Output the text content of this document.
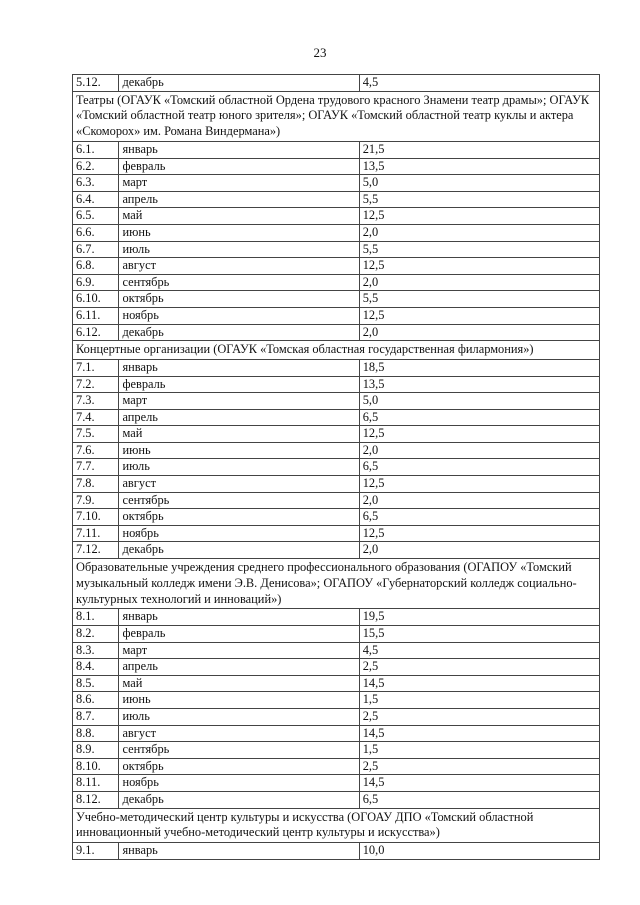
23
5.12.	декабрь	4,5
Театры (ОГАУК «Томский областной Ордена трудового красного Знамени театр драмы»; ОГАУК «Томский областной театр юного зрителя»; ОГАУК «Томский областной театр куклы и актера «Скоморох» им. Романа Виндермана»)		
6.1.	январь	21,5
6.2.	февраль	13,5
6.3.	март	5,0
6.4.	апрель	5,5
6.5.	май	12,5
6.6.	июнь	2,0
6.7.	июль	5,5
6.8.	август	12,5
6.9.	сентябрь	2,0
6.10.	октябрь	5,5
6.11.	ноябрь	12,5
6.12.	декабрь	2,0
Концертные организации (ОГАУК «Томская областная государственная филармония»)		
7.1.	январь	18,5
7.2.	февраль	13,5
7.3.	март	5,0
7.4.	апрель	6,5
7.5.	май	12,5
7.6.	июнь	2,0
7.7.	июль	6,5
7.8.	август	12,5
7.9.	сентябрь	2,0
7.10.	октябрь	6,5
7.11.	ноябрь	12,5
7.12.	декабрь	2,0
Образовательные учреждения среднего профессионального образования (ОГАПОУ «Томский музыкальный колледж имени Э.В. Денисова»; ОГАПОУ «Губернаторский колледж социально-культурных технологий и инноваций»)		
8.1.	январь	19,5
8.2.	февраль	15,5
8.3.	март	4,5
8.4.	апрель	2,5
8.5.	май	14,5
8.6.	июнь	1,5
8.7.	июль	2,5
8.8.	август	14,5
8.9.	сентябрь	1,5
8.10.	октябрь	2,5
8.11.	ноябрь	14,5
8.12.	декабрь	6,5
Учебно-методический центр культуры и искусства (ОГОАУ ДПО «Томский областной инновационный учебно-методический центр культуры и искусства»)		
9.1.	январь	10,0
